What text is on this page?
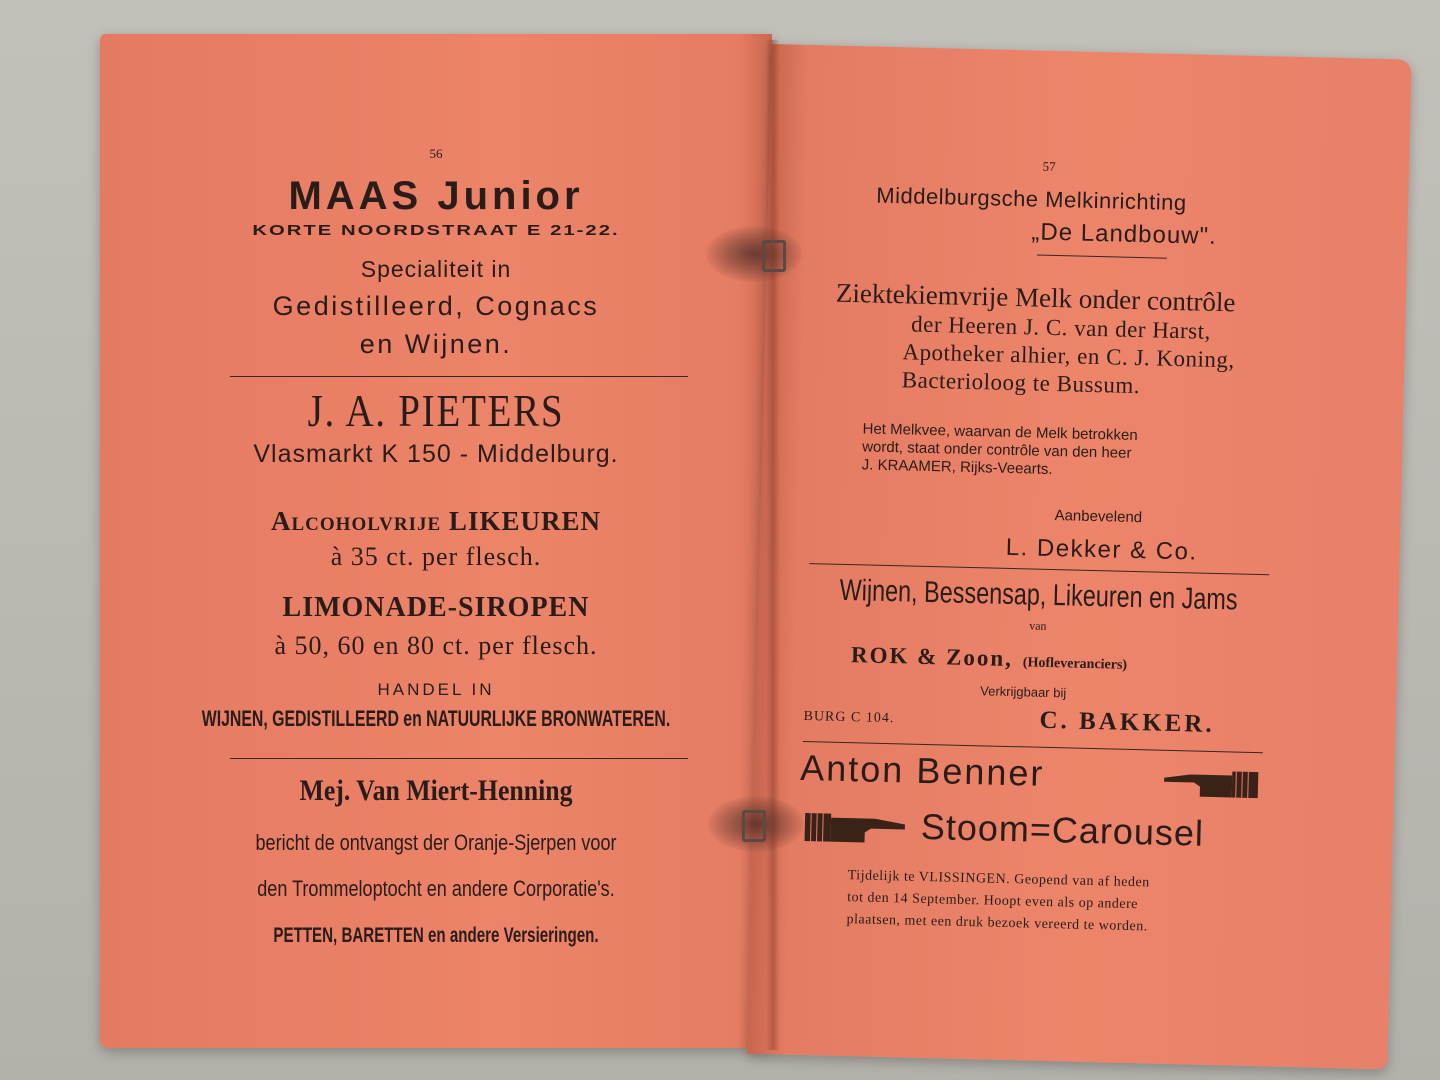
56
MAAS Junior
KORTE NOORDSTRAAT E 21-22.
Specialiteit in
Gedistilleerd, Cognacs
en Wijnen.
J. A. PIETERS
Vlasmarkt K 150 - Middelburg.
Alcoholvrije LIKEUREN
à 35 ct. per flesch.
LIMONADE-SIROPEN
à 50, 60 en 80 ct. per flesch.
HANDEL IN
WIJNEN, GEDISTILLEERD en NATUURLIJKE BRONWATEREN.
Mej. Van Miert-Henning
bericht de ontvangst der Oranje-Sjerpen voor
den Trommeloptocht en andere Corporatie's.
PETTEN, BARETTEN en andere Versieringen.
57
Middelburgsche Melkinrichting
„De Landbouw".
Ziektekiemvrije Melk onder contrôle
der Heeren J. C. van der Harst,
Apotheker alhier, en C. J. Koning,
Bacterioloog te Bussum.
Het Melkvee, waarvan de Melk betrokken
wordt, staat onder contrôle van den heer
J. KRAAMER, Rijks-Veearts.
Aanbevelend
L. Dekker & Co.
Wijnen, Bessensap, Likeuren en Jams
van
ROK & Zoon, (Hofleveranciers)
Verkrijgbaar bij
BURG C 104.	C. BAKKER.
Anton Benner
Stoom=Carousel
Tijdelijk te VLISSINGEN. Geopend van af heden
tot den 14 September. Hoopt even als op andere
plaatsen, met een druk bezoek vereerd te worden.
